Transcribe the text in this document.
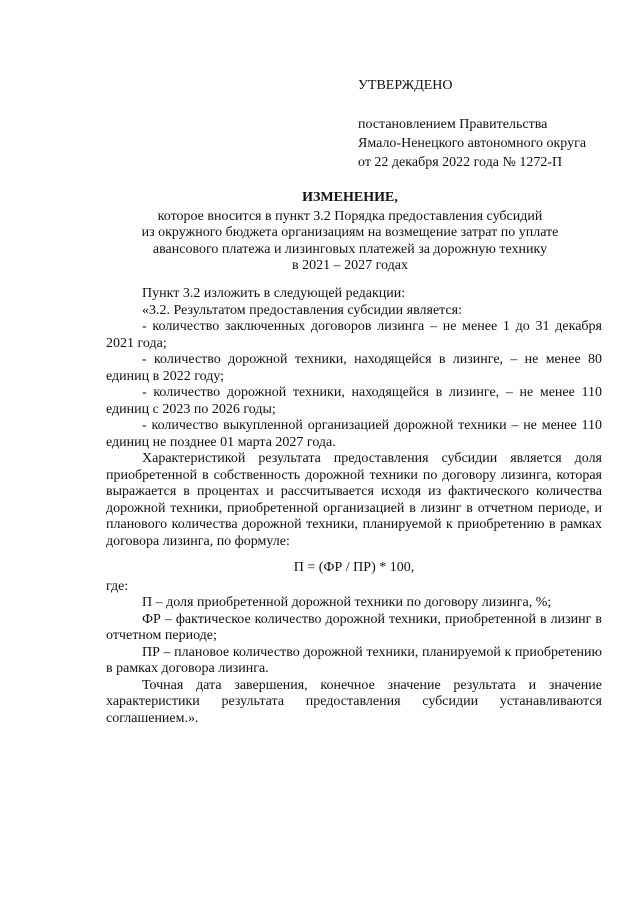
УТВЕРЖДЕНО
постановлением Правительства
Ямало-Ненецкого автономного округа
от 22 декабря 2022 года № 1272-П
ИЗМЕНЕНИЕ,
которое вносится в пункт 3.2 Порядка предоставления субсидий
из окружного бюджета организациям на возмещение затрат по уплате
авансового платежа и лизинговых платежей за дорожную технику
в 2021 – 2027 годах

Пункт 3.2 изложить в следующей редакции:

«3.2. Результатом предоставления субсидии является:

- количество заключенных договоров лизинга – не менее 1 до 31 декабря 2021 года;

- количество дорожной техники, находящейся в лизинге, – не менее 80 единиц в 2022 году;

- количество дорожной техники, находящейся в лизинге, – не менее 110 единиц с 2023 по 2026 годы;

- количество выкупленной организацией дорожной техники – не менее 110 единиц не позднее 01 марта 2027 года.

Характеристикой результата предоставления субсидии является доля приобретенной в собственность дорожной техники по договору лизинга, которая выражается в процентах и рассчитывается исходя из фактического количества дорожной техники, приобретенной организацией в лизинг в отчетном периоде, и планового количества дорожной техники, планируемой к приобретению в рамках договора лизинга, по формуле:

П = (ФР / ПР) * 100,

где:

П – доля приобретенной дорожной техники по договору лизинга, %;

ФР – фактическое количество дорожной техники, приобретенной в лизинг в отчетном периоде;

ПР – плановое количество дорожной техники, планируемой к приобретению в рамках договора лизинга.

Точная дата завершения, конечное значение результата и значение характеристики результата предоставления субсидии устанавливаются соглашением.».
